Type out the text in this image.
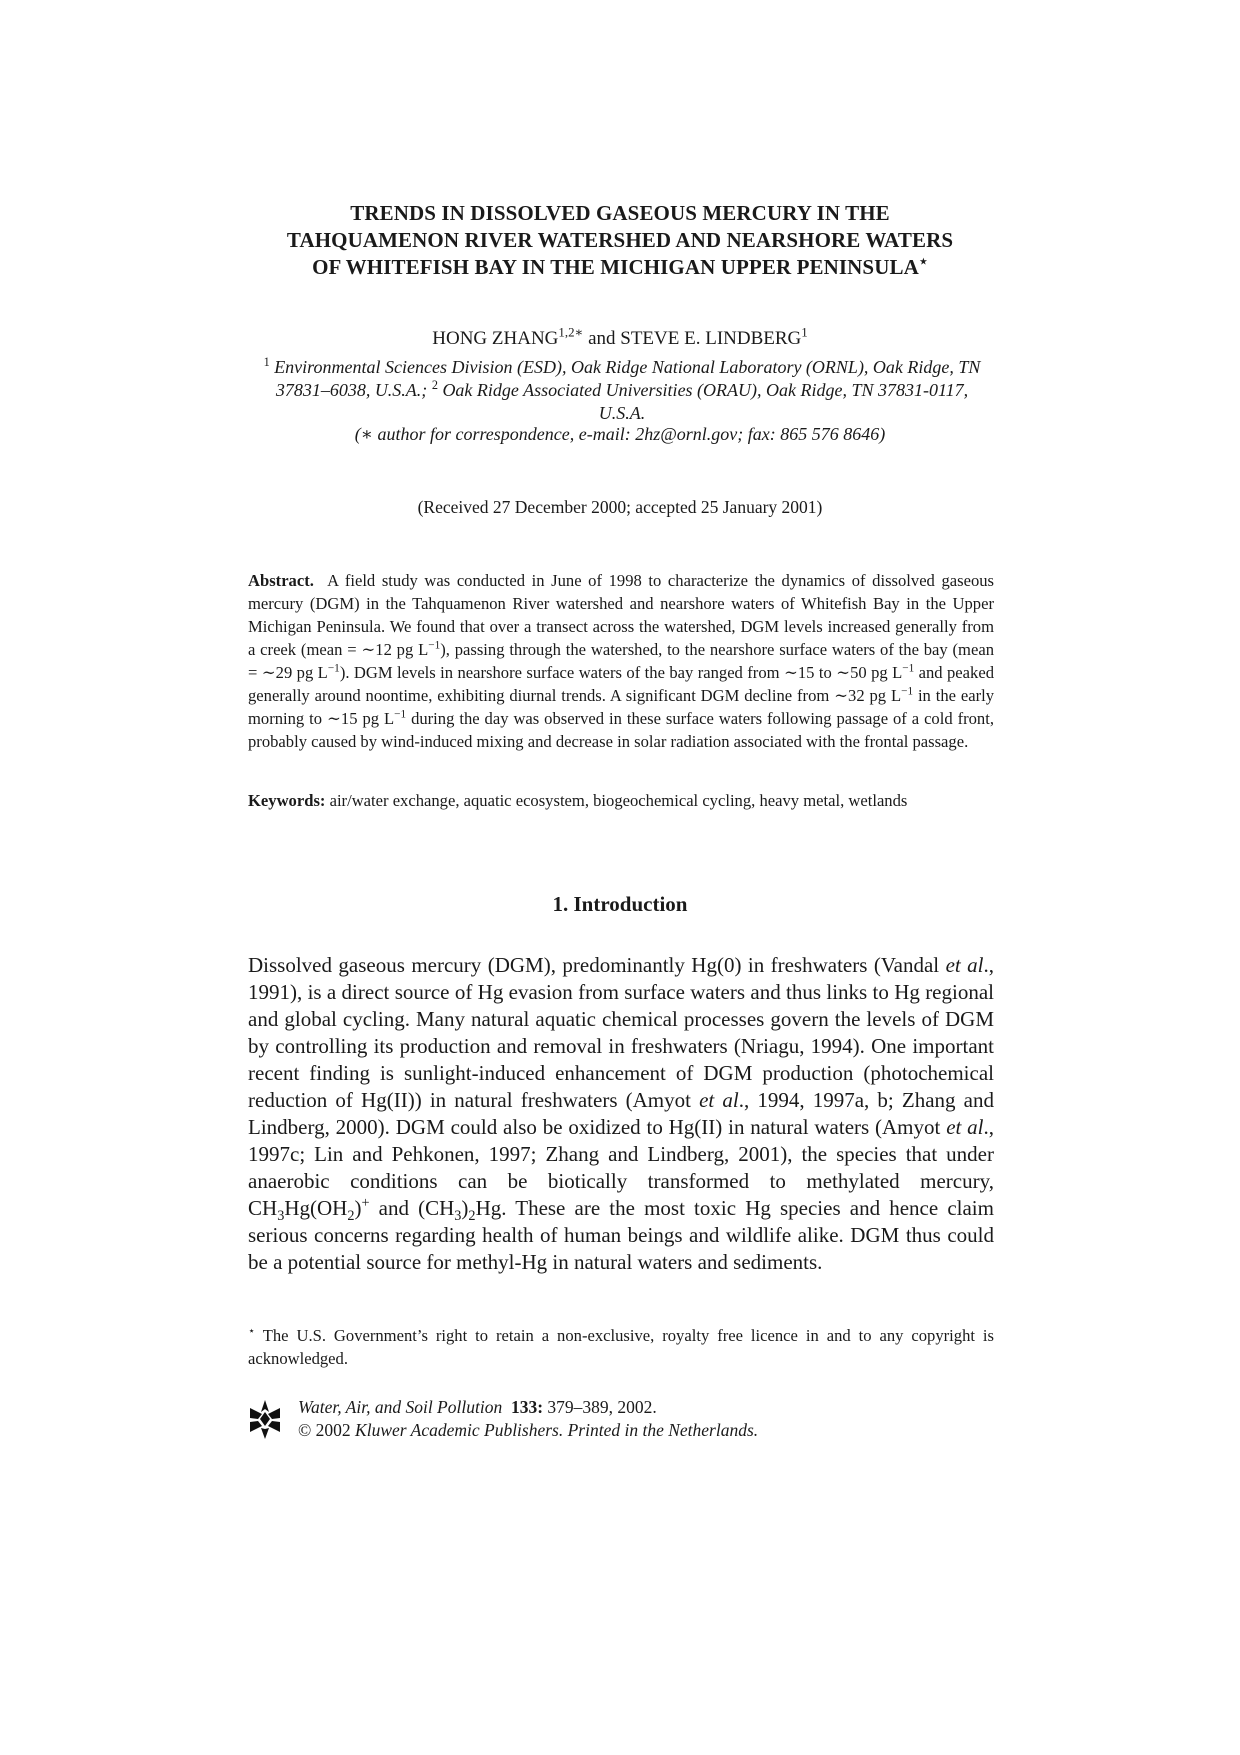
TRENDS IN DISSOLVED GASEOUS MERCURY IN THE
TAHQUAMENON RIVER WATERSHED AND NEARSHORE WATERS
OF WHITEFISH BAY IN THE MICHIGAN UPPER PENINSULA⋆
HONG $ZHANG^{1,2∗}$ and STEVE E. LINDBERG$^1$
$^1$ Environmental Sciences Division (ESD), Oak Ridge National Laboratory (ORNL), Oak Ridge, TN
37831–6038, U.S.A.; $^2$ Oak Ridge Associated Universities (ORAU), Oak Ridge, TN 37831-0117,
U.S.A.
(∗ author for correspondence, e-mail: 2hz@ornl.gov; fax: 865 576 8646)
(Received 27 December 2000; accepted 25 January 2001)

Abstract. A field study was conducted in June of 1998 to characterize the dynamics of dissolved gaseous mercury (DGM) in the Tahquamenon River watershed and nearshore waters of Whitefish Bay in the Upper Michigan Peninsula. We found that over a transect across the watershed, DGM levels increased generally from a creek (mean = ∼12 pg $L^{-1}$), passing through the watershed, to the nearshore surface waters of the bay (mean = ∼29 pg $L^{-1}$). DGM levels in nearshore surface waters of the bay ranged from ∼15 to ∼50 pg $L^{-1}$ and peaked generally around noontime, exhibiting diurnal trends. A significant DGM decline from ∼32 pg $L^{-1}$ in the early morning to ∼15 pg $L^{-1}$ during the day was observed in these surface waters following passage of a cold front, probably caused by wind-induced mixing and decrease in solar radiation associated with the frontal passage.

Keywords: air/water exchange, aquatic ecosystem, biogeochemical cycling, heavy metal, wetlands
1. Introduction

Dissolved gaseous mercury (DGM), predominantly Hg(0) in freshwaters (Vandal et al., 1991), is a direct source of Hg evasion from surface waters and thus links to Hg regional and global cycling. Many natural aquatic chemical processes govern the levels of DGM by controlling its production and removal in freshwaters (Nriagu, 1994). One important recent finding is sunlight-induced enhancement of DGM production (photochemical reduction of Hg(II)) in natural freshwaters (Amyot et al., 1994, 1997a, b; Zhang and Lindberg, 2000). DGM could also be oxidized to Hg(II) in natural waters (Amyot et al., 1997c; Lin and Pehkonen, 1997; Zhang and Lindberg, 2001), the species that under anaerobic conditions can be biotically transformed to methylated mercury, $CH_3Hg(OH_2)^+$ and $(CH_3)_2Hg$. These are the most toxic Hg species and hence claim serious concerns regarding health of human beings and wildlife alike. DGM thus could be a potential source for methyl-Hg in natural waters and sediments.

⋆ The U.S. Government’s right to retain a non-exclusive, royalty free licence in and to any copyright is acknowledged.

Water, Air, and Soil Pollution 133: 379–389, 2002.
© 2002 Kluwer Academic Publishers. Printed in the Netherlands.
